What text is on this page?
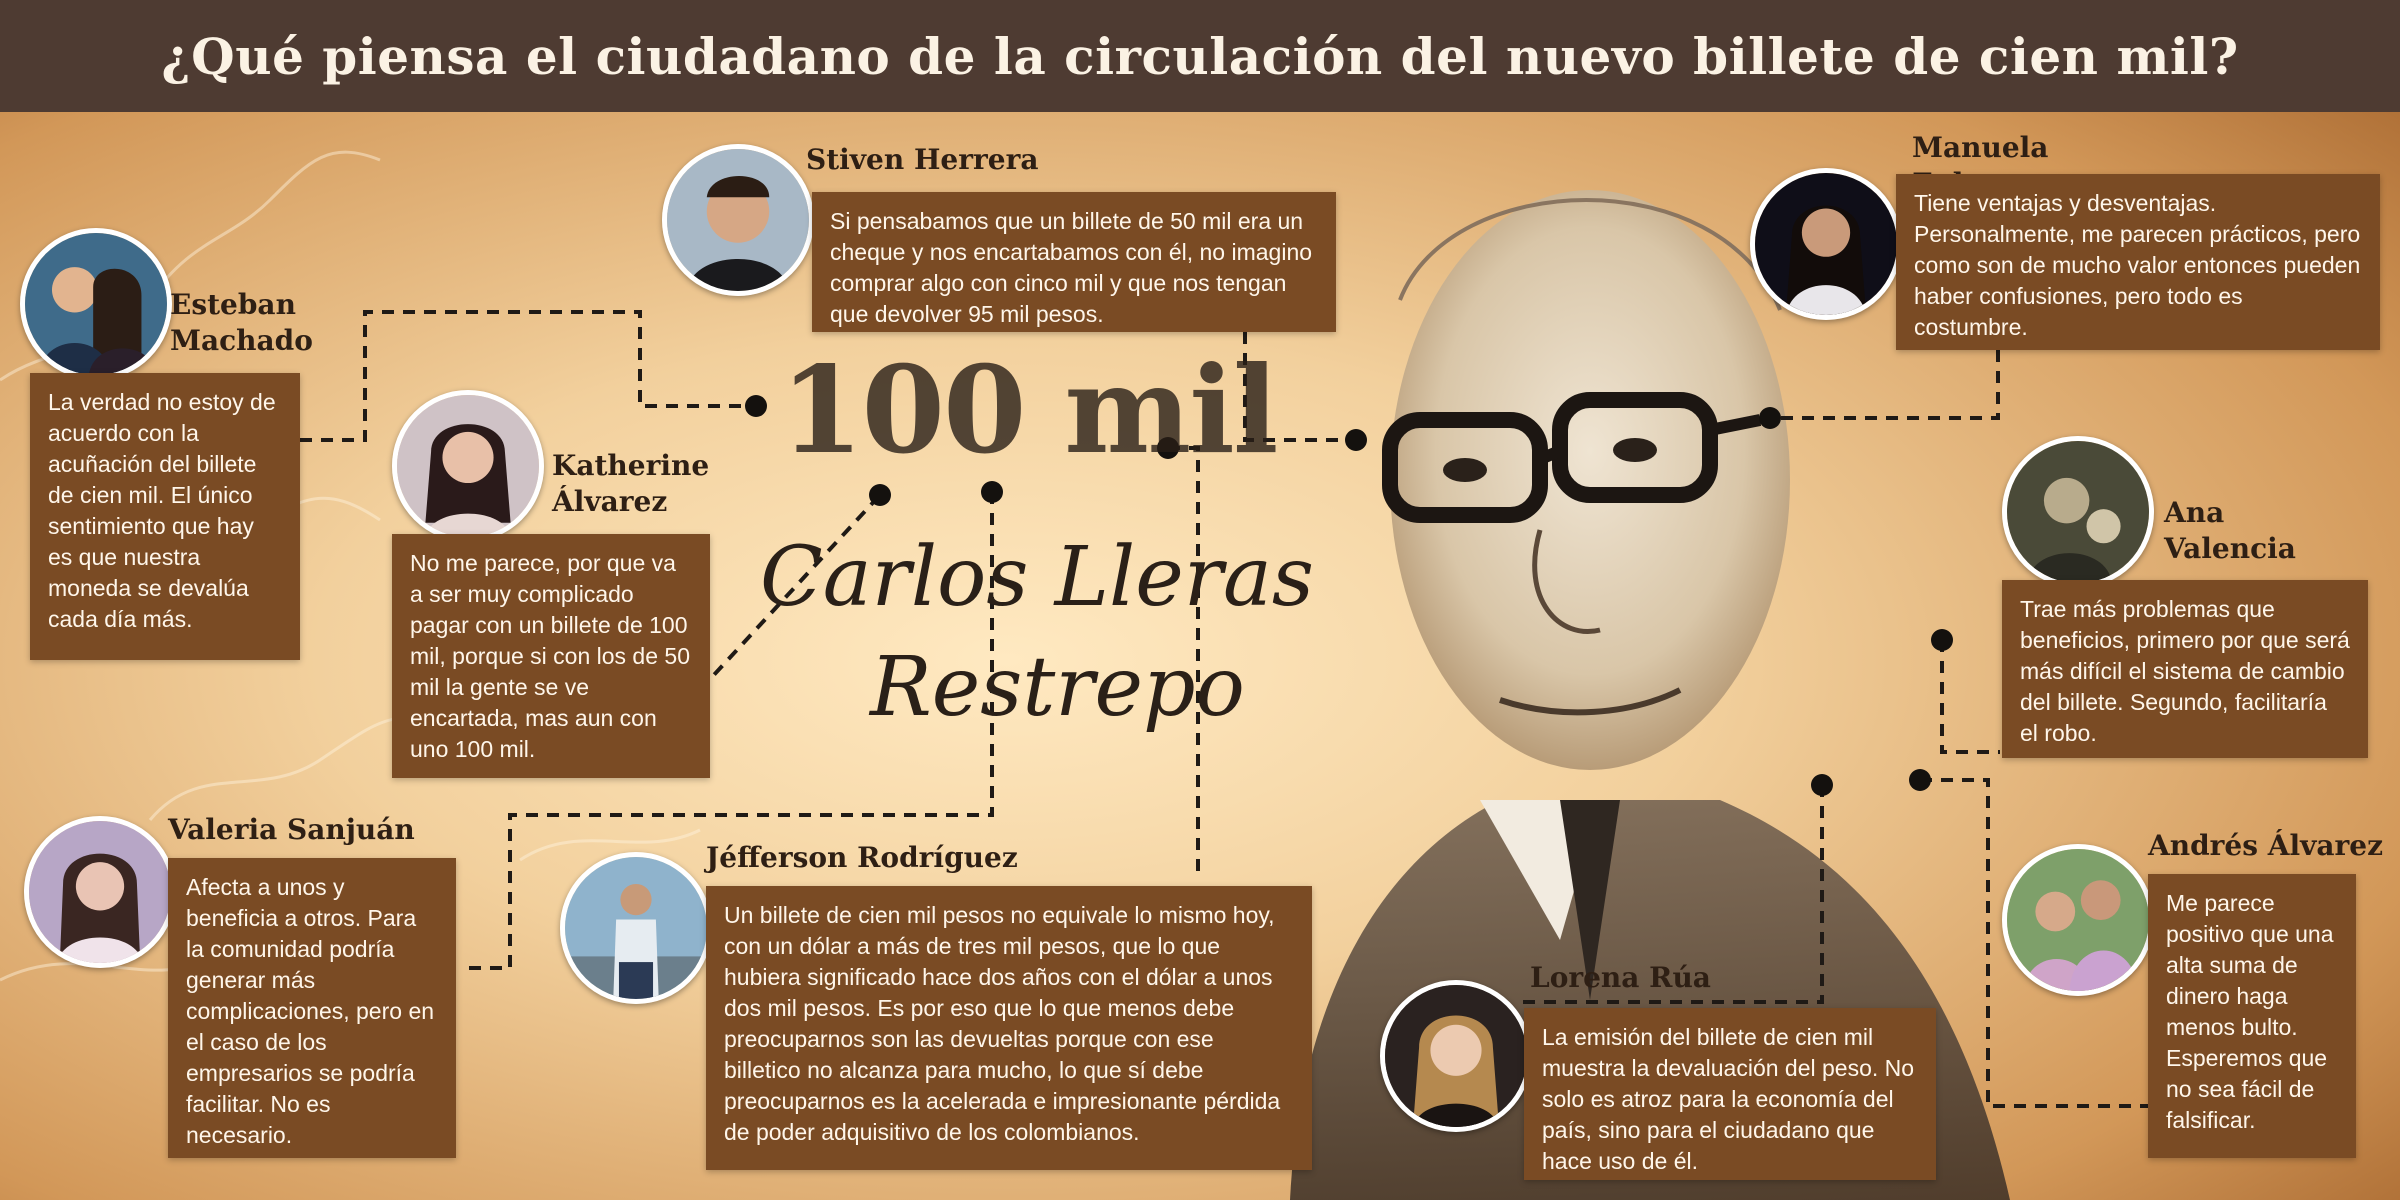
100 mil
Carlos Lleras
Restrepo
¿Qué piensa el ciudadano de la circulación del nuevo billete de cien mil?
Esteban Machado
La verdad no estoy de acuerdo con la acuñación del billete de cien mil. El único sentimiento que hay es que nuestra moneda se devalúa cada día más.
Stiven Herrera
Si pensabamos que un billete de 50 mil era un cheque y nos encartabamos con él, no imagino comprar algo con cinco mil y que nos tengan que devolver 95 mil pesos.
Katherine Álvarez
No me parece, por que va a ser muy complicado pagar con un billete de 100 mil, porque si con los de 50 mil la gente se ve encartada, mas aun con uno 100 mil.
Manuela
Tiene ventajas y desventajas. Personalmente, me parecen prácticos, pero como son de mucho valor entonces pueden haber confusiones, pero todo es costumbre.
Ana Valencia
Trae más problemas que beneficios, primero por que será más difícil el sistema de cambio del billete. Segundo, facilitaría el robo.
Valeria Sanjuán
Afecta a unos y beneficia a otros. Para la comunidad podría generar más complicaciones, pero en el caso de los empresarios se podría facilitar. No es necesario.
Jéfferson Rodríguez
Un billete de cien mil pesos no equivale lo mismo hoy, con un dólar a más de tres mil pesos, que lo que hubiera significado hace dos años con el dólar a unos dos mil pesos. Es por eso que lo que menos debe preocuparnos son las devueltas porque con ese billetico no alcanza para mucho, lo que sí debe preocuparnos es la acelerada e impresionante pérdida de poder adquisitivo de los colombianos.
Lorena Rúa
La emisión del billete de cien mil muestra la devaluación del peso. No solo es atroz para la economía del país, sino para el ciudadano que hace uso de él.
Andrés Álvarez
Me parece positivo que una alta suma de dinero haga menos bulto. Esperemos que no sea fácil de falsificar.
